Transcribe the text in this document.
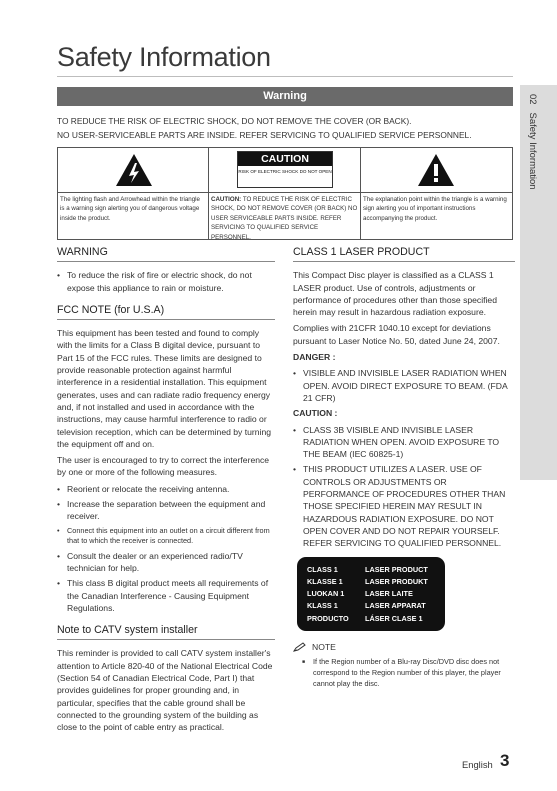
Safety Information
02   Safety Information
Warning
TO REDUCE THE RISK OF ELECTRIC SHOCK, DO NOT REMOVE THE COVER (OR BACK).
NO USER-SERVICEABLE PARTS ARE INSIDE. REFER SERVICING TO QUALIFIED SERVICE PERSONNEL.
The lighting flash and Arrowhead within the triangle is a warning sign alerting you of dangerous voltage inside the product.
CAUTION
RISK OF ELECTRIC SHOCK DO NOT OPEN
CAUTION: TO REDUCE THE RISK OF ELECTRIC SHOCK, DO NOT REMOVE COVER (OR BACK) NO USER SERVICEABLE PARTS INSIDE. REFER SERVICING TO QUALIFIED SERVICE PERSONNEL.
The explanation point within the triangle is a warning sign alerting you of important instructions accompanying the product.
WARNING
• To reduce the risk of fire or electric shock, do not expose this appliance to rain or moisture.
FCC NOTE (for U.S.A)
This equipment has been tested and found to comply with the limits for a Class B digital device, pursuant to Part 15 of the FCC rules. These limits are designed to provide reasonable protection against harmful interference in a residential installation. This equipment generates, uses and can radiate radio frequency energy and, if not installed and used in accordance with the instructions, may cause harmful interference to radio or television reception, which can be determined by turning the equipment off and on.
The user is encouraged to try to correct the interference by one or more of the following measures.
• Reorient or relocate the receiving antenna.
• Increase the separation between the equipment and receiver.
• Connect this equipment into an outlet on a circuit different from that to which the receiver is connected.
• Consult the dealer or an experienced radio/TV technician for help.
• This class B digital product meets all requirements of the Canadian Interference - Causing Equipment Regulations.
Note to CATV system installer
This reminder is provided to call CATV system installer's attention to Article 820-40 of the National Electrical Code (Section 54 of Canadian Electrical Code, Part I) that provides guidelines for proper grounding and, in particular, specifies that the cable ground shall be connected to the grounding system of the building as close to the point of cable entry as practical.
CLASS 1 LASER PRODUCT
This Compact Disc player is classified as a CLASS 1 LASER product. Use of controls, adjustments or performance of procedures other than those specified herein may result in hazardous radiation exposure.
Complies with 21CFR 1040.10 except for deviations pursuant to Laser Notice No. 50, dated June 24, 2007.
DANGER :
• VISIBLE AND INVISIBLE LASER RADIATION WHEN OPEN. AVOID DIRECT EXPOSURE TO BEAM. (FDA 21 CFR)
CAUTION :
• CLASS 3B VISIBLE AND INVISIBLE LASER RADIATION WHEN OPEN. AVOID EXPOSURE TO THE BEAM (IEC 60825-1)
• THIS PRODUCT UTILIZES A LASER. USE OF CONTROLS OR ADJUSTMENTS OR PERFORMANCE OF PROCEDURES OTHER THAN THOSE SPECIFIED HEREIN MAY RESULT IN HAZARDOUS RADIATION EXPOSURE. DO NOT OPEN COVER AND DO NOT REPAIR YOURSELF. REFER SERVICING TO QUALIFIED PERSONNEL.
CLASS 1	LASER PRODUCT
KLASSE 1	LASER PRODUKT
LUOKAN 1	LASER LAITE
KLASS 1	LASER APPARAT
PRODUCTO	LÁSER CLASE 1
NOTE
■ If the Region number of a Blu-ray Disc/DVD disc does not correspond to the Region number of this player, the player cannot play the disc.
English 3
